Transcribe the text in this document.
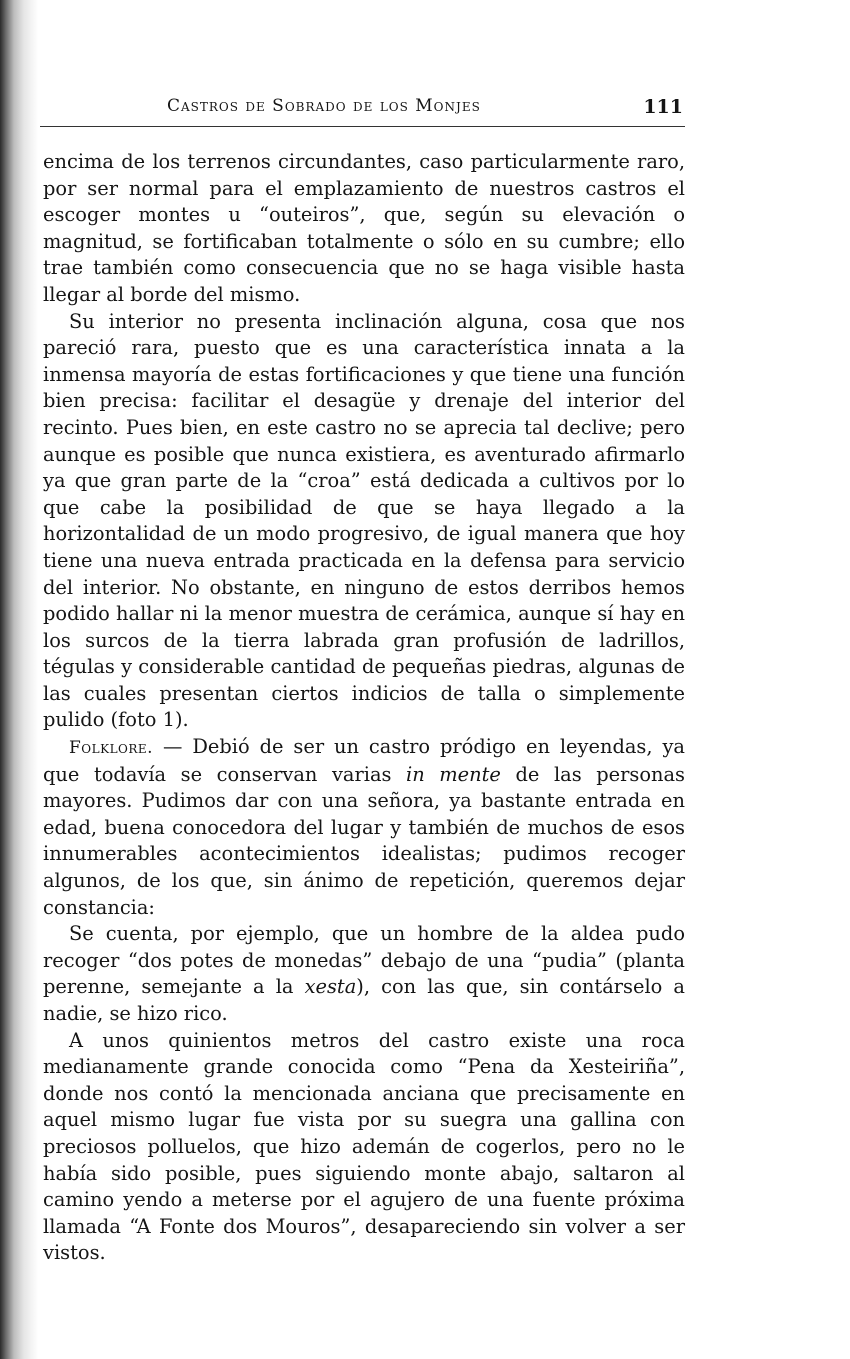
Castros de Sobrado de los Monjes	111

encima de los terrenos circundantes, caso particularmente raro, por ser normal para el emplazamiento de nuestros castros el escoger montes u “outeiros”, que, según su elevación o magnitud, se fortificaban totalmente o sólo en su cumbre; ello trae también como consecuencia que no se haga visible hasta llegar al borde del mismo.

Su interior no presenta inclinación alguna, cosa que nos pareció rara, puesto que es una característica innata a la inmensa mayoría de estas fortificaciones y que tiene una función bien precisa: facilitar el desagüe y drenaje del interior del recinto. Pues bien, en este castro no se aprecia tal declive; pero aunque es posible que nunca existiera, es aventurado afirmarlo ya que gran parte de la “croa” está dedicada a cultivos por lo que cabe la posibilidad de que se haya llegado a la horizontalidad de un modo progresivo, de igual manera que hoy tiene una nueva entrada practicada en la defensa para servicio del interior. No obstante, en ninguno de estos derribos hemos podido hallar ni la menor muestra de cerámica, aunque sí hay en los surcos de la tierra labrada gran profusión de ladrillos, tégulas y considerable cantidad de pequeñas piedras, algunas de las cuales presentan ciertos indicios de talla o simplemente pulido (foto 1).

Folklore. — Debió de ser un castro pródigo en leyendas, ya que todavía se conservan varias in mente de las personas mayores. Pudimos dar con una señora, ya bastante entrada en edad, buena conocedora del lugar y también de muchos de esos innumerables acontecimientos idealistas; pudimos recoger algunos, de los que, sin ánimo de repetición, queremos dejar constancia:

Se cuenta, por ejemplo, que un hombre de la aldea pudo recoger “dos potes de monedas” debajo de una “pudia” (planta perenne, semejante a la xesta), con las que, sin contárselo a nadie, se hizo rico.

A unos quinientos metros del castro existe una roca medianamente grande conocida como “Pena da Xesteiriña”, donde nos contó la mencionada anciana que precisamente en aquel mismo lugar fue vista por su suegra una gallina con preciosos polluelos, que hizo ademán de cogerlos, pero no le había sido posible, pues siguiendo monte abajo, saltaron al camino yendo a meterse por el agujero de una fuente próxima llamada “A Fonte dos Mouros”, desapareciendo sin volver a ser vistos.
